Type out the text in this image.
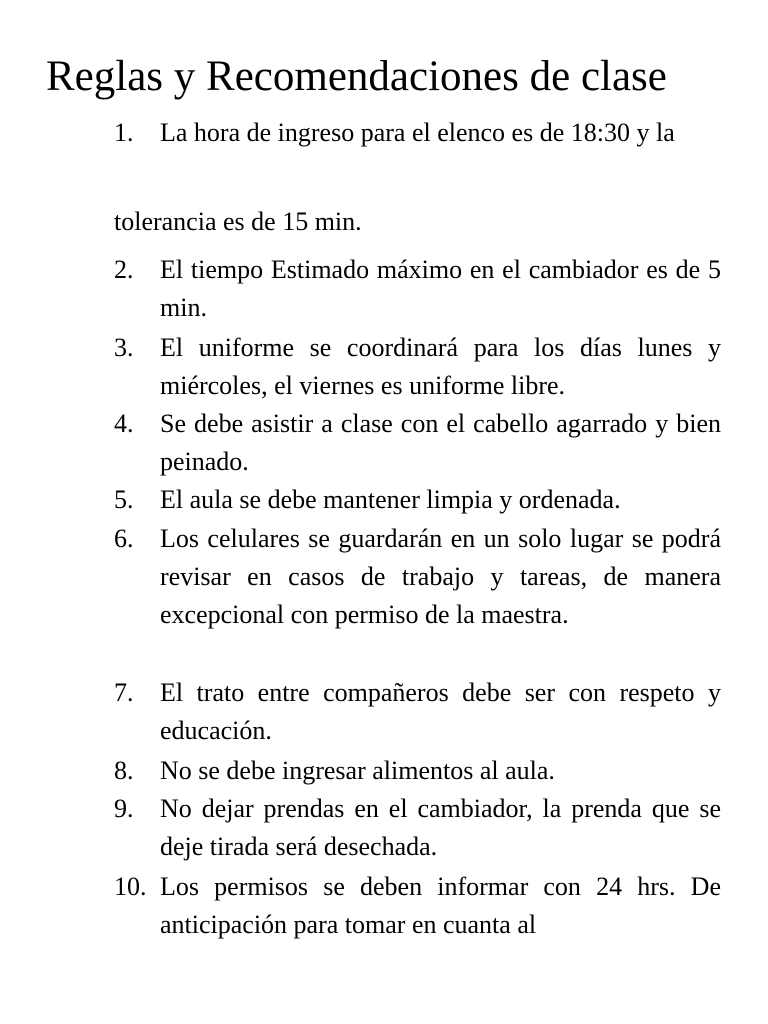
Reglas y Recomendaciones de clase
1.	La hora de ingreso para el elenco es de 18:30 y la
tolerancia es de 15 min.
2.	El tiempo Estimado máximo en el cambiador es de 5 min.
3.	El uniforme se coordinará para los días lunes y miércoles, el viernes es uniforme libre.
4.	Se debe asistir a clase con el cabello agarrado y bien peinado.
5.	El aula se debe mantener limpia y ordenada.
6.	Los celulares se guardarán en un solo lugar se podrá revisar en casos de trabajo y tareas, de manera excepcional con permiso de la maestra.
7.	El trato entre compañeros debe ser con respeto y educación.
8.	No se debe ingresar alimentos al aula.
9.	No dejar prendas en el cambiador, la prenda que se deje tirada será desechada.
10. Los permisos se deben informar con 24 hrs. De anticipación para tomar en cuanta al
